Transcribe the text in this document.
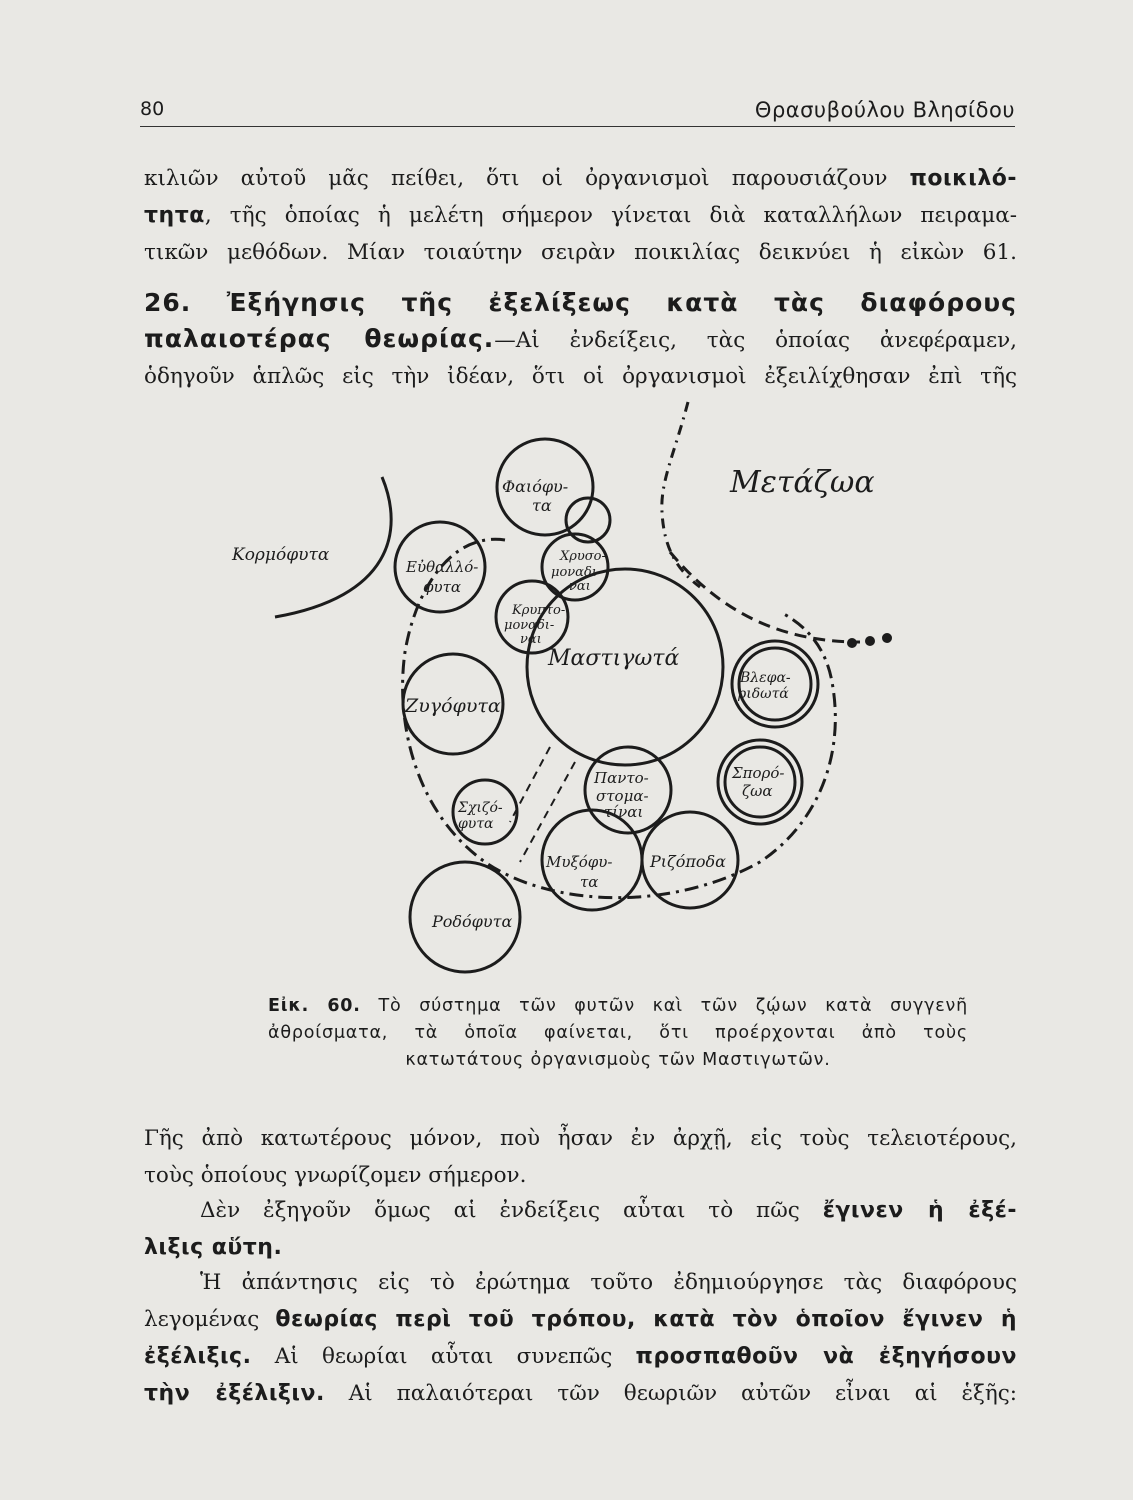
80	Θρασυβούλου Βλησίδου
κιλιῶν αὐτοῦ μᾶς πείθει, ὅτι οἱ ὀργανισμοὶ παρουσιάζουν ποικιλό-
τητα, τῆς ὁποίας ἡ μελέτη σήμερον γίνεται διὰ καταλλήλων πειραμα-
τικῶν μεθόδων. Μίαν τοιαύτην σειρὰν ποικιλίας δεικνύει ἡ εἰκὼν 61.
26. Ἐξήγησις τῆς ἐξελίξεως κατὰ τὰς διαφόρους
παλαιοτέρας θεωρίας.—Αἱ ἐνδείξεις, τὰς ὁποίας ἀνεφέραμεν,
ὁδηγοῦν ἁπλῶς εἰς τὴν ἰδέαν, ὅτι οἱ ὀργανισμοὶ ἐξειλίχθησαν ἐπὶ τῆς
Μετάζωα
Κορμόφυτα
Φαιόφυ-
τα
Εὐθαλλό-
φυτα
Χρυσο-
μοναδι-
ναι
Κρυπτο-
μοναδι-
ναι
Μαστιγωτά
Ζυγόφυτα
Βλεφα-
ριδωτά
Σπορό-
ζωα
Παντο-
στομα-
τίναι
Σχιζό-
φυτα
Μυξόφυ-
τα
Ριζόποδα
Ροδόφυτα
Εἰκ. 60. Τὸ σύστημα τῶν φυτῶν καὶ τῶν ζῴων κατὰ συγγενῆ
ἀθροίσματα, τὰ ὁποῖα φαίνεται, ὅτι προέρχονται ἀπὸ τοὺς
κατωτάτους ὀργανισμοὺς τῶν Μαστιγωτῶν.
Γῆς ἀπὸ κατωτέρους μόνον, ποὺ ἦσαν ἐν ἀρχῇ, εἰς τοὺς τελειοτέρους,
τοὺς ὁποίους γνωρίζομεν σήμερον.
Δὲν ἐξηγοῦν ὅμως αἱ ἐνδείξεις αὗται τὸ πῶς ἔγινεν ἡ ἐξέ-
λιξις αὕτη.
Ἡ ἀπάντησις εἰς τὸ ἐρώτημα τοῦτο ἐδημιούργησε τὰς διαφόρους
λεγομένας θεωρίας περὶ τοῦ τρόπου, κατὰ τὸν ὁποῖον ἔγινεν ἡ
ἐξέλιξις. Αἱ θεωρίαι αὗται συνεπῶς προσπαθοῦν νὰ ἐξηγήσουν
τὴν ἐξέλιξιν. Αἱ παλαιότεραι τῶν θεωριῶν αὐτῶν εἶναι αἱ ἑξῆς:
